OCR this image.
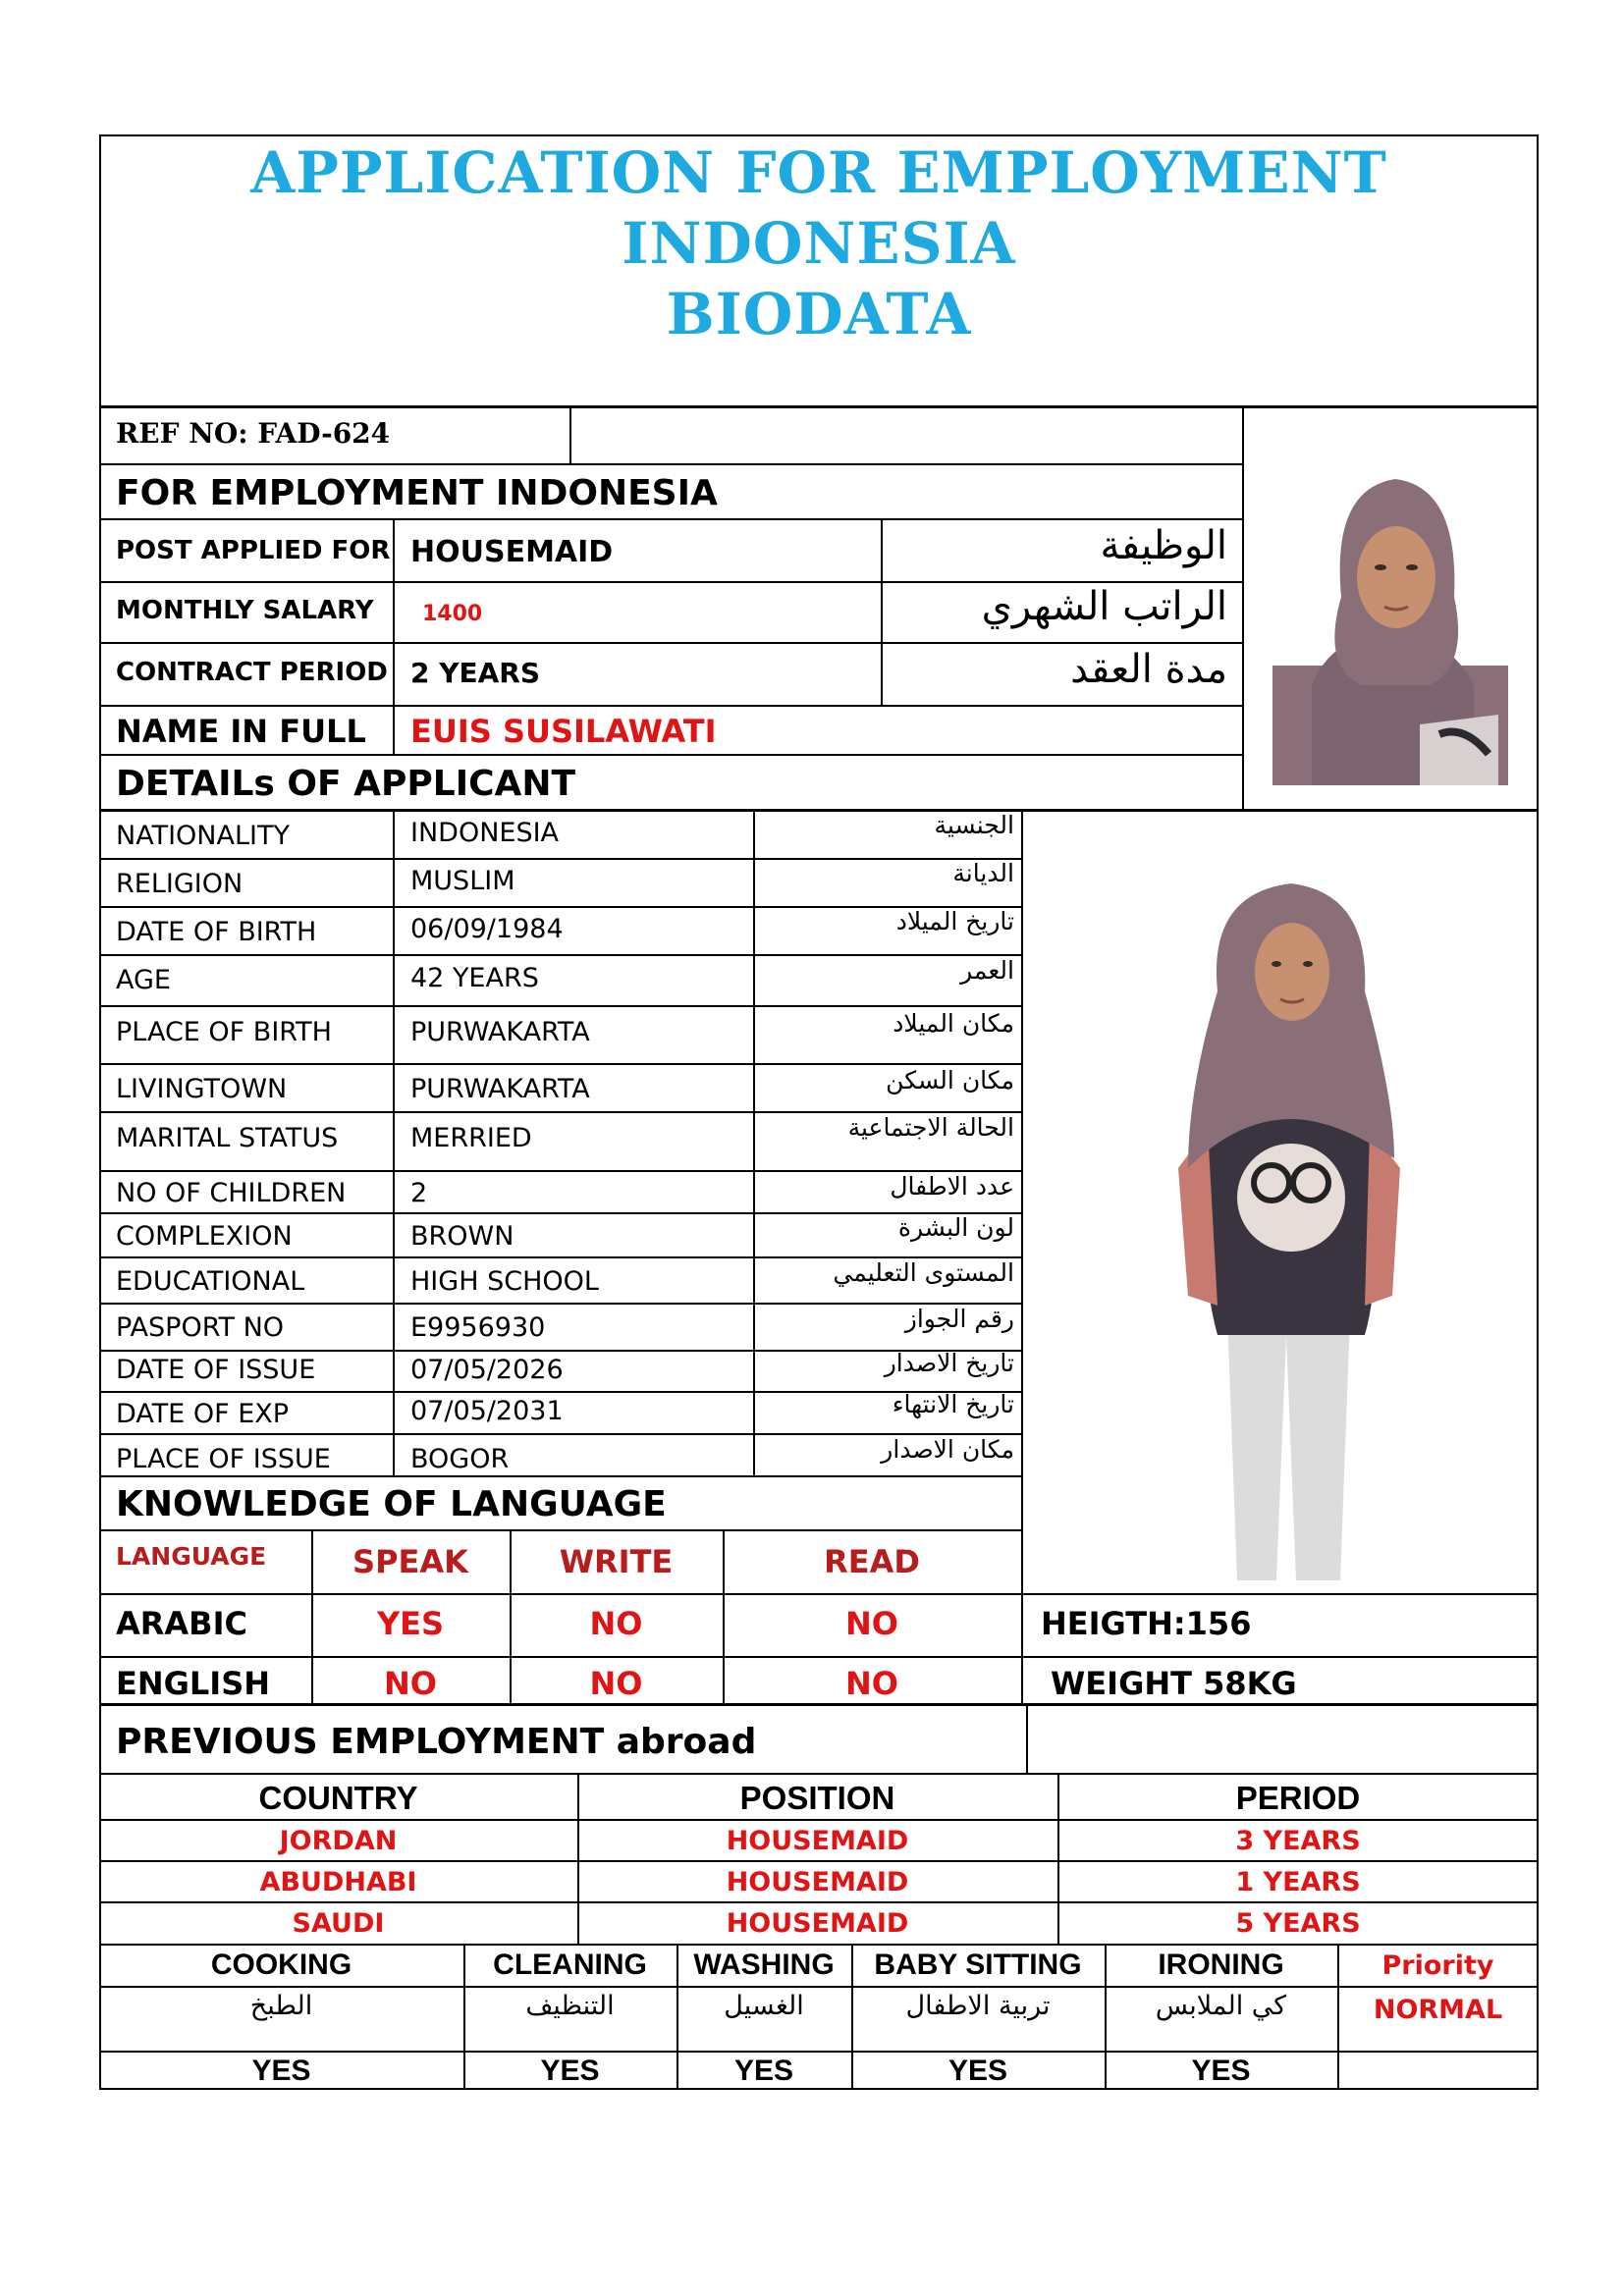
APPLICATION FOR EMPLOYMENT
INDONESIA
BIODATA
REF NO: FAD-624
FOR EMPLOYMENT INDONESIA
POST APPLIED FOR HOUSEMAID	الوظيفة
MONTHLY SALARY 1400	الراتب الشهري
CONTRACT PERIOD 2 YEARS	مدة العقد
NAME IN FULL EUIS SUSILAWATI
DETAILs OF APPLICANT
NATIONALITY	INDONESIA	الجنسية
RELIGION	MUSLIM	الديانة
DATE OF BIRTH	06/09/1984	تاريخ الميلاد
AGE	42 YEARS	العمر
PLACE OF BIRTH	PURWAKARTA	مكان الميلاد
LIVINGTOWN	PURWAKARTA	مكان السكن
MARITAL STATUS	MERRIED	الحالة الاجتماعية
NO OF CHILDREN 2	عدد الاطفال
COMPLEXION	BROWN	لون البشرة
EDUCATIONAL	HIGH SCHOOL	المستوى التعليمي
PASPORT NO	E9956930	رقم الجواز
DATE OF ISSUE	07/05/2026	تاريخ الاصدار
DATE OF EXP	07/05/2031	تاريخ الانتهاء
PLACE OF ISSUE	BOGOR	مكان الاصدار
KNOWLEDGE OF LANGUAGE
LANGUAGE	SPEAK	WRITE	READ
ARABIC	YES	NO	NO	HEIGTH:156
ENGLISH	NO	NO	NO	WEIGHT 58KG
PREVIOUS EMPLOYMENT abroad
COUNTRY	POSITION	PERIOD
JORDAN	HOUSEMAID	3 YEARS
ABUDHABI	HOUSEMAID	1 YEARS
SAUDI	HOUSEMAID	5 YEARS
COOKING	CLEANING	WASHING	BABY SITTING	IRONING	Priority
الطبخ	التنظيف	الغسيل	تربية الاطفال	كي الملابس	NORMAL
YES	YES	YES	YES	YES
